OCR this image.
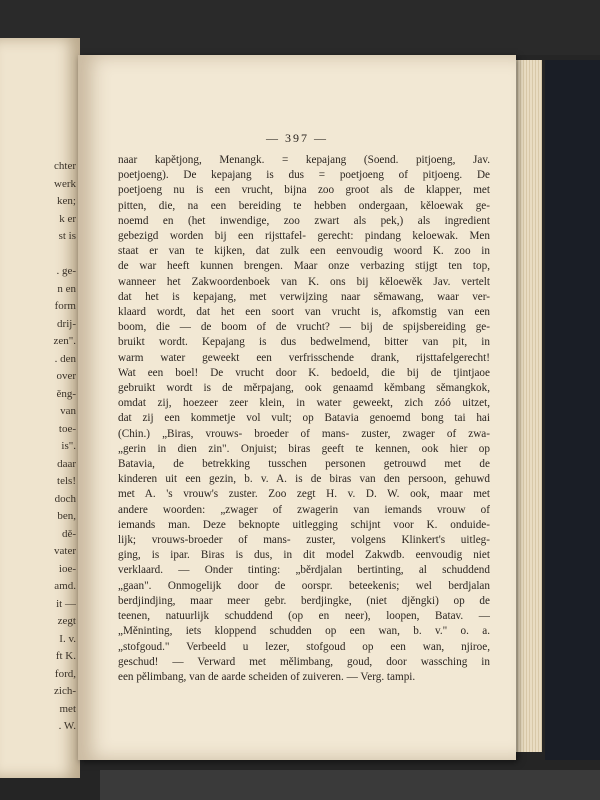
chter
werk
ken;
k er
st is
. ge-
n en
form
drij-
zen".
. den
over
ěng-
van
toe-
is".
daar
tels!
doch
ben,
dě-
vater
ioe-
amd.
it —
zegt
I. v.
ft K.
ford,
zich-
met
. W.
— 397 —
naar kapětjong, Menangk. = kepajang (Soend. pitjoeng, Jav.
poetjoeng). De kepajang is dus = poetjoeng of pitjoeng. De
poetjoeng nu is een vrucht, bijna zoo groot als de klapper, met
pitten, die, na een bereiding te hebben ondergaan, kěloewak ge-
noemd en (het inwendige, zoo zwart als pek,) als ingredient
gebezigd worden bij een rijsttafel- gerecht: pindang keloewak. Men
staat er van te kijken, dat zulk een eenvoudig woord K. zoo in
de war heeft kunnen brengen. Maar onze verbazing stijgt ten top,
wanneer het Zakwoordenboek van K. ons bij kěloewěk Jav. vertelt
dat het is kepajang, met verwijzing naar sěmawang, waar ver-
klaard wordt, dat het een soort van vrucht is, afkomstig van een
boom, die — de boom of de vrucht? — bij de spijsbereiding ge-
bruikt wordt. Kepajang is dus bedwelmend, bitter van pit, in
warm water geweekt een verfrisschende drank, rijsttafelgerecht!
Wat een boel! De vrucht door K. bedoeld, die bij de tjintjaoe
gebruikt wordt is de měrpajang, ook genaamd kěmbang sěmangkok,
omdat zij, hoezeer zeer klein, in water geweekt, zich zóó uitzet,
dat zij een kommetje vol vult; op Batavia genoemd bong tai hai
(Chin.) „Biras, vrouws- broeder of mans- zuster, zwager of zwa-
„gerin in dien zin". Onjuist; biras geeft te kennen, ook hier op
Batavia, de betrekking tusschen personen getrouwd met de
kinderen uit een gezin, b. v. A. is de biras van den persoon, gehuwd
met A. 's vrouw's zuster. Zoo zegt H. v. D. W. ook, maar met
andere woorden: „zwager of zwagerin van iemands vrouw of
iemands man. Deze beknopte uitlegging schijnt voor K. onduide-
lijk; vrouws-broeder of mans- zuster, volgens Klinkert's uitleg-
ging, is ipar. Biras is dus, in dit model Zakwdb. eenvoudig niet
verklaard. — Onder tinting: „běrdjalan bertinting, al schuddend
„gaan". Onmogelijk door de oorspr. beteekenis; wel berdjalan
berdjindjing, maar meer gebr. berdjingke, (niet djěngki) op de
teenen, natuurlijk schuddend (op en neer), loopen, Batav. —
„Měninting, iets kloppend schudden op een wan, b. v." o. a.
„stofgoud." Verbeeld u lezer, stofgoud op een wan, njiroe,
geschud! — Verward met mělimbang, goud, door wassching in
een pělimbang, van de aarde scheiden of zuiveren. — Verg. tampi.
